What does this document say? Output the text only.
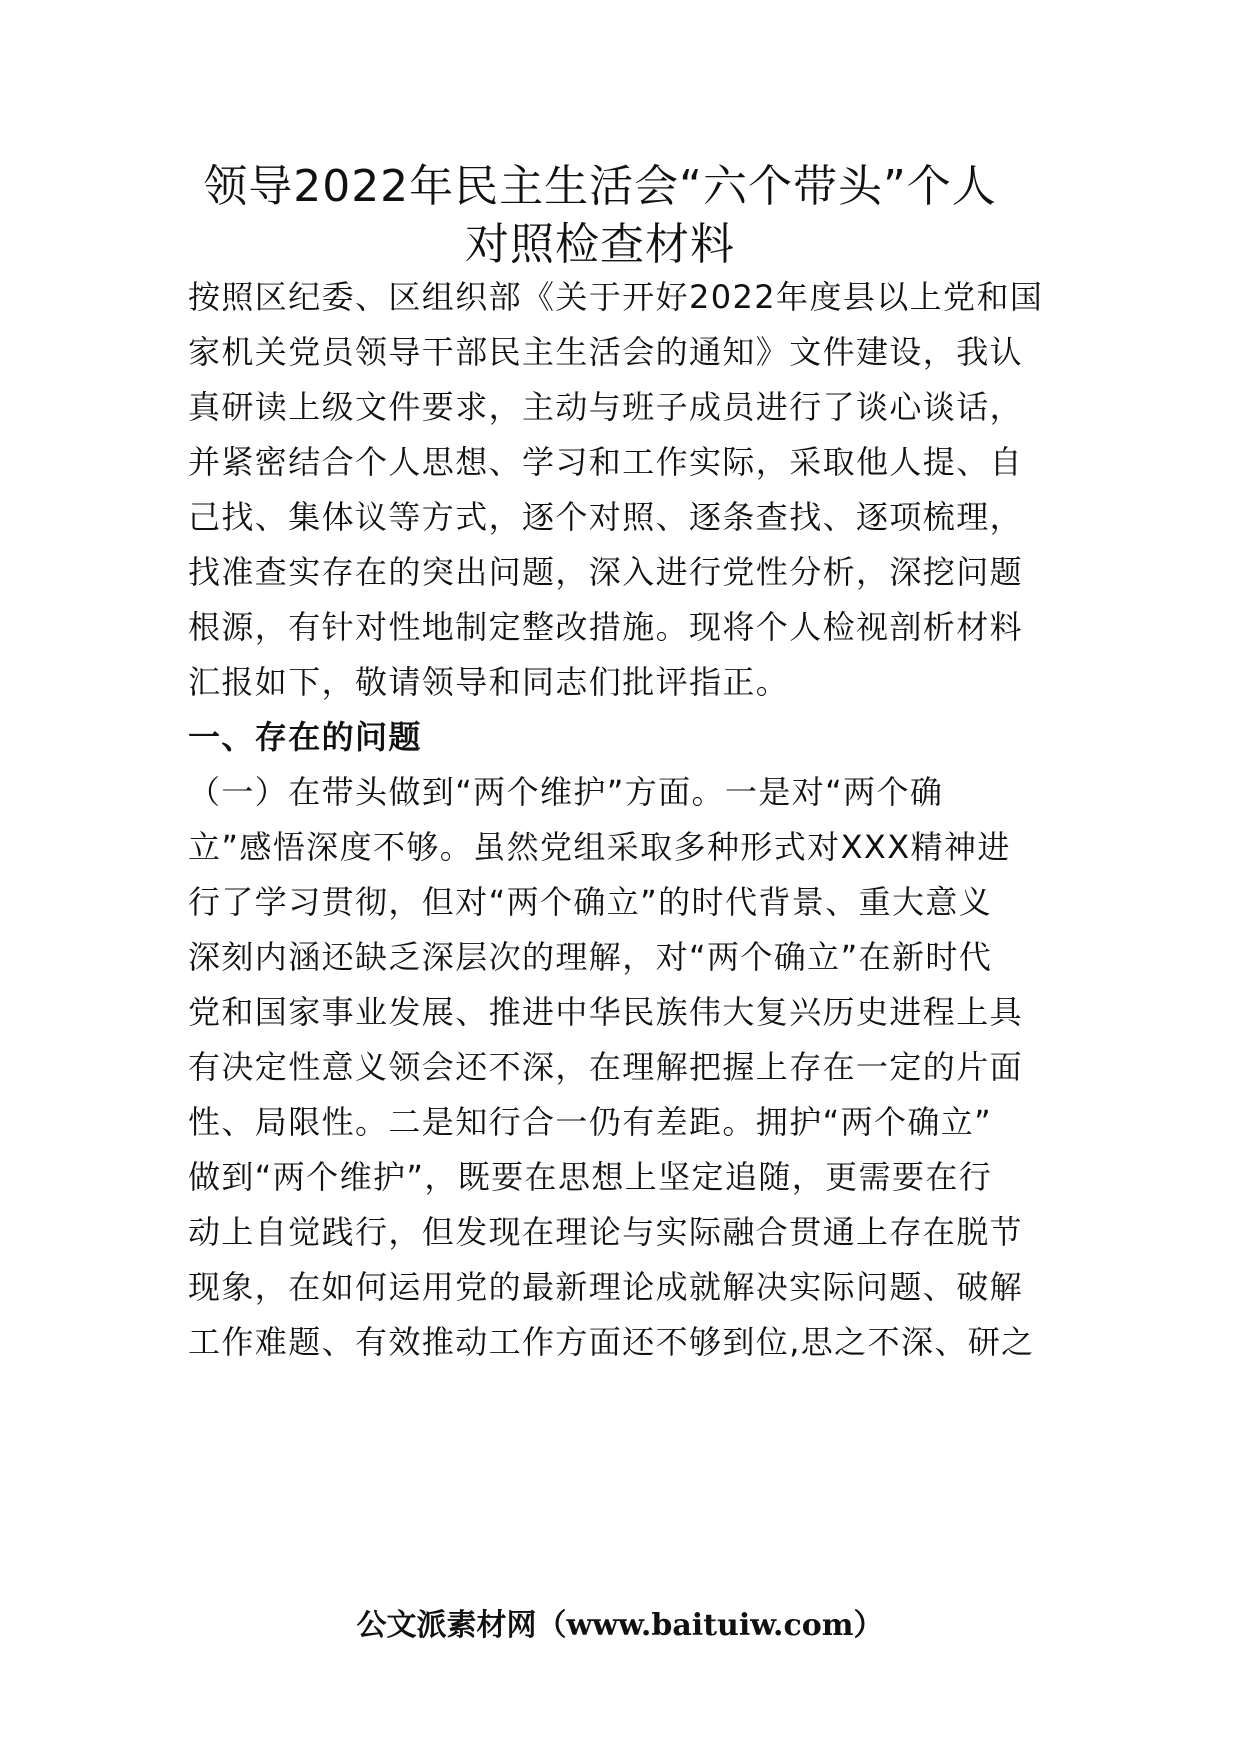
领导2022年民主生活会“六个带头”个人
对照检查材料
按照区纪委、区组织部《关于开好2022年度县以上党和国
家机关党员领导干部民主生活会的通知》文件建设，我认
真研读上级文件要求，主动与班子成员进行了谈心谈话，
并紧密结合个人思想、学习和工作实际，采取他人提、自
己找、集体议等方式，逐个对照、逐条查找、逐项梳理，
找准查实存在的突出问题，深入进行党性分析，深挖问题
根源，有针对性地制定整改措施。现将个人检视剖析材料
汇报如下，敬请领导和同志们批评指正。
一、存在的问题
（一）在带头做到“两个维护”方面。一是对“两个确
立”感悟深度不够。虽然党组采取多种形式对XXX精神进
行了学习贯彻，但对“两个确立”的时代背景、重大意义
深刻内涵还缺乏深层次的理解，对“两个确立”在新时代
党和国家事业发展、推进中华民族伟大复兴历史进程上具
有决定性意义领会还不深，在理解把握上存在一定的片面
性、局限性。二是知行合一仍有差距。拥护“两个确立”
做到“两个维护”，既要在思想上坚定追随，更需要在行
动上自觉践行，但发现在理论与实际融合贯通上存在脱节
现象，在如何运用党的最新理论成就解决实际问题、破解
工作难题、有效推动工作方面还不够到位,思之不深、研之
公文派素材网（www.baituiw.com）
